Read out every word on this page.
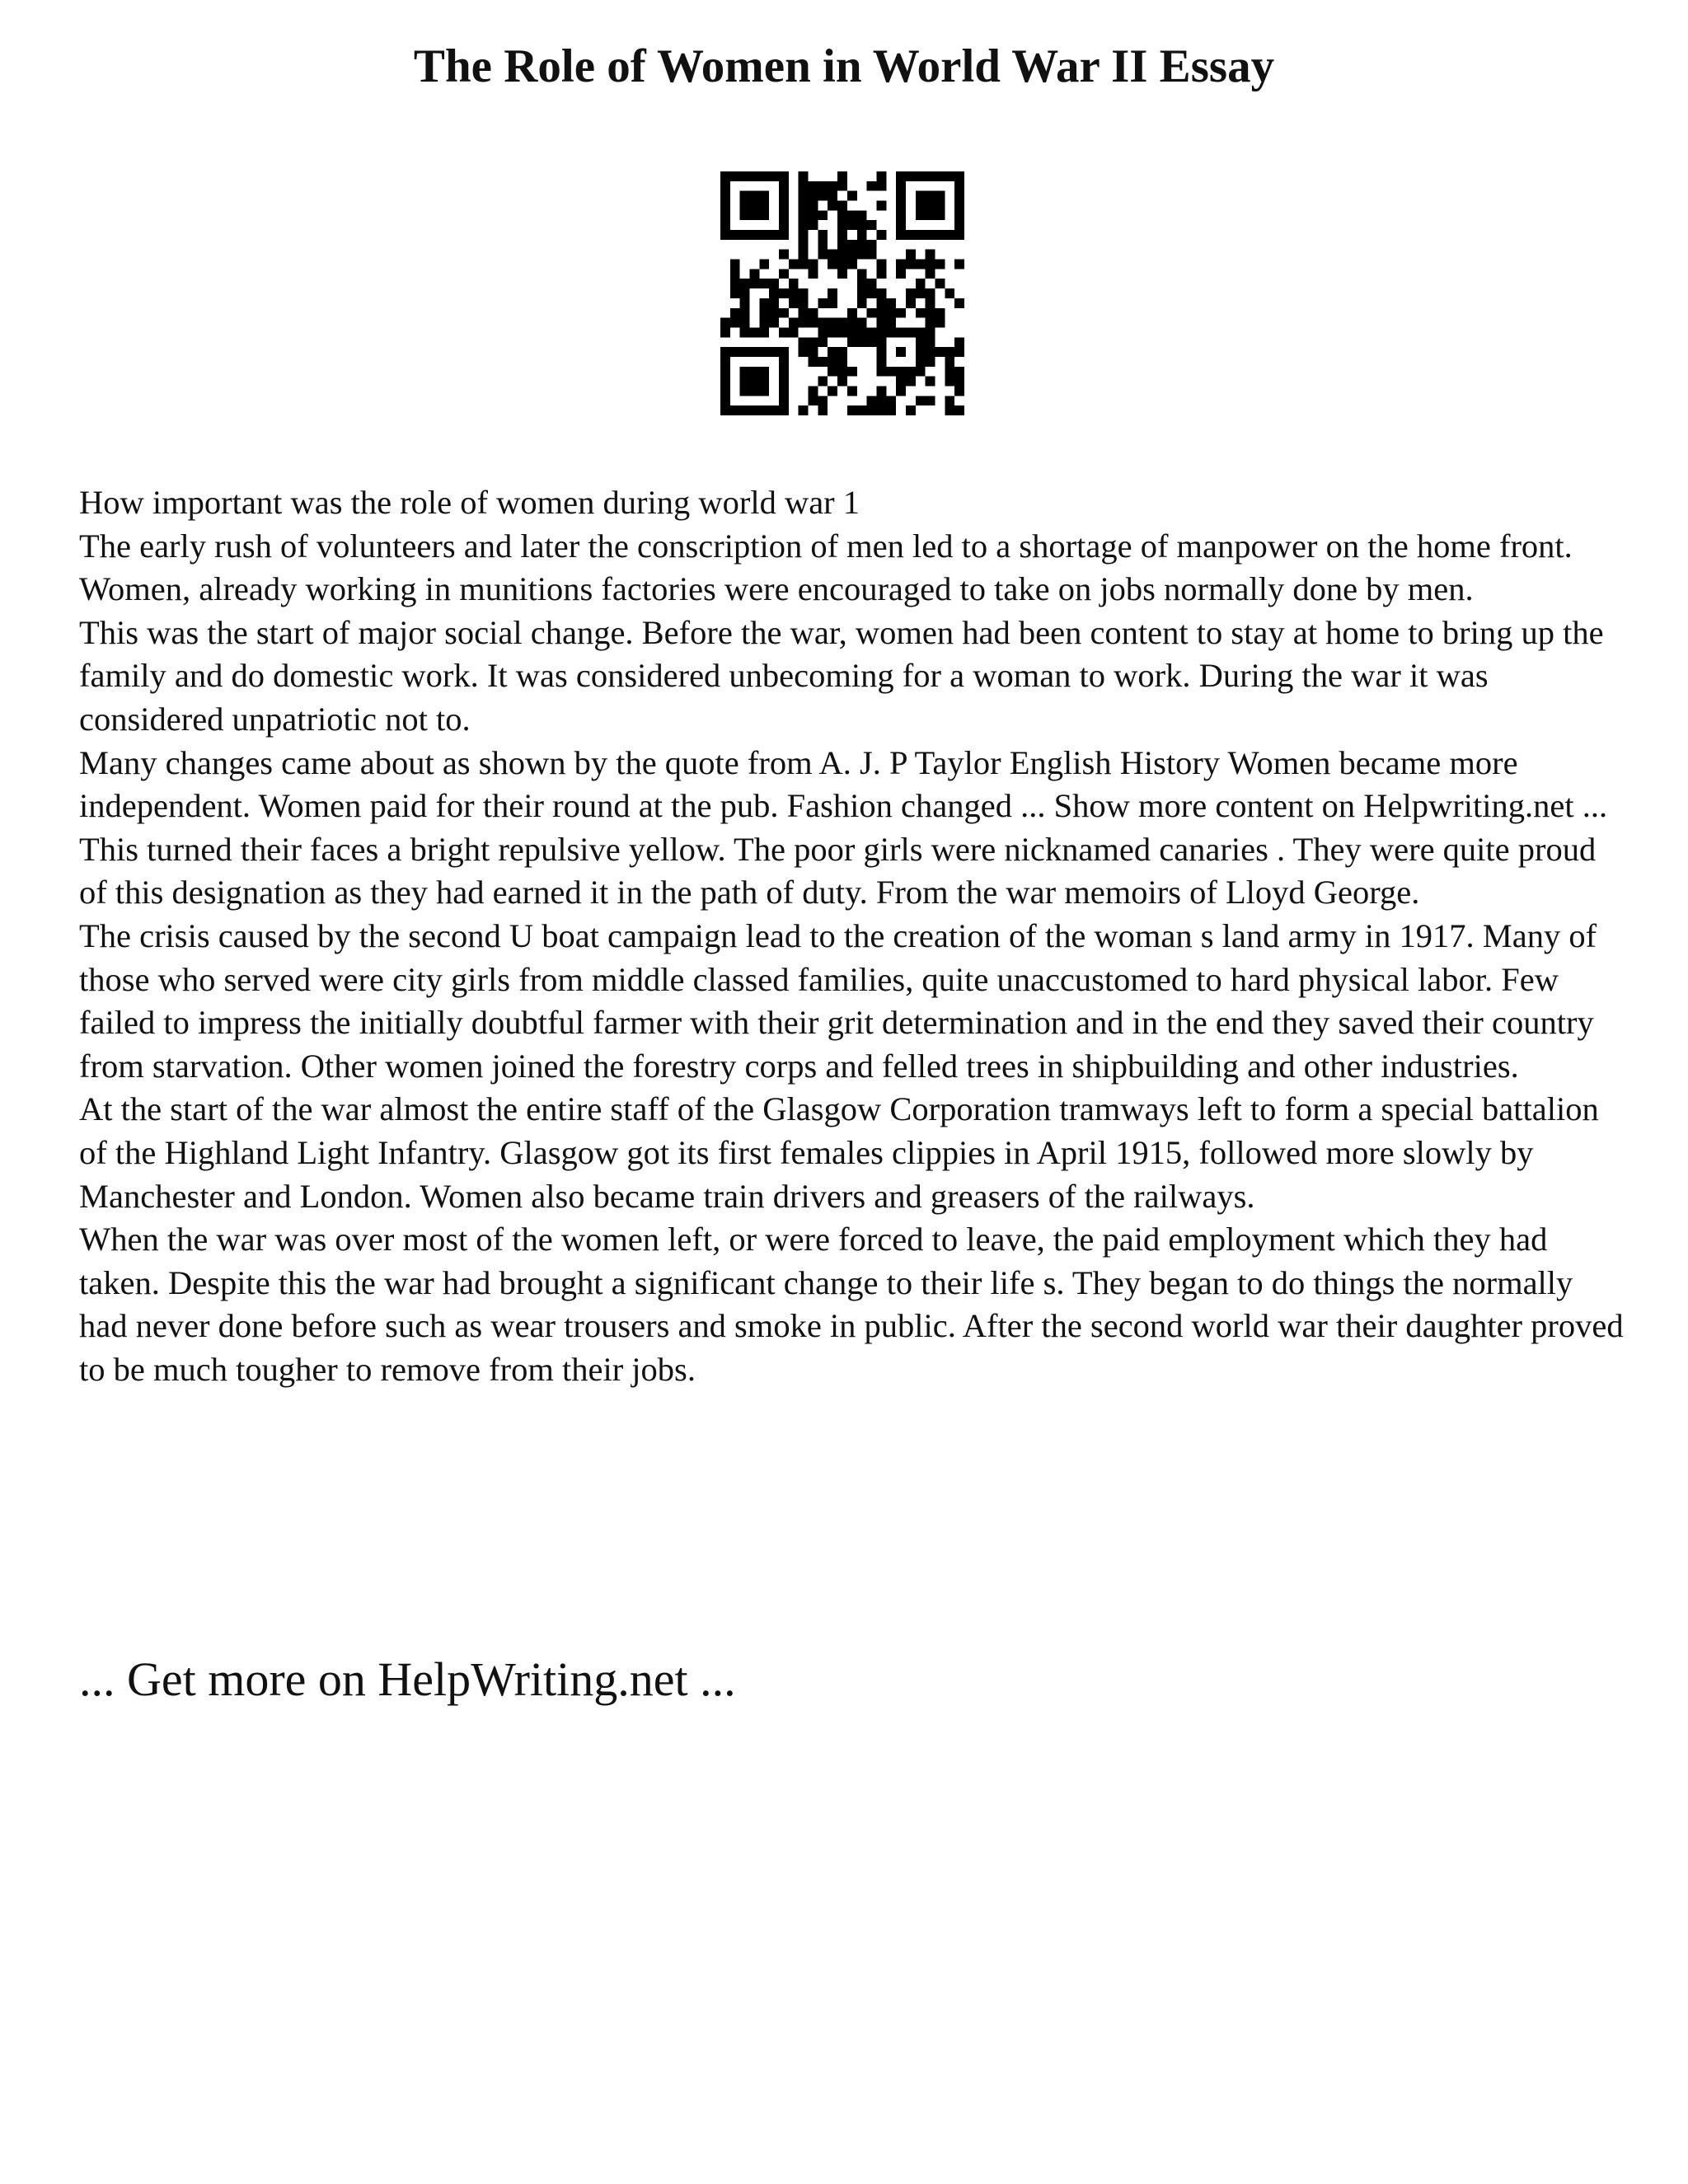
The Role of Women in World War II Essay

How important was the role of women during world war 1

The early rush of volunteers and later the conscription of men led to a shortage of manpower on the home front. Women, already working in munitions factories were encouraged to take on jobs normally done by men.

This was the start of major social change. Before the war, women had been content to stay at home to bring up the family and do domestic work. It was considered unbecoming for a woman to work. During the war it was considered unpatriotic not to.

Many changes came about as shown by the quote from A. J. P Taylor English History Women became more independent. Women paid for their round at the pub. Fashion changed ... Show more content on Helpwriting.net ...

This turned their faces a bright repulsive yellow. The poor girls were nicknamed canaries . They were quite proud of this designation as they had earned it in the path of duty. From the war memoirs of Lloyd George.

The crisis caused by the second U boat campaign lead to the creation of the woman s land army in 1917. Many of those who served were city girls from middle classed families, quite unaccustomed to hard physical labor. Few failed to impress the initially doubtful farmer with their grit determination and in the end they saved their country from starvation. Other women joined the forestry corps and felled trees in shipbuilding and other industries.

At the start of the war almost the entire staff of the Glasgow Corporation tramways left to form a special battalion of the Highland Light Infantry. Glasgow got its first females clippies in April 1915, followed more slowly by Manchester and London. Women also became train drivers and greasers of the railways.

When the war was over most of the women left, or were forced to leave, the paid employment which they had taken. Despite this the war had brought a significant change to their life s. They began to do things the normally had never done before such as wear trousers and smoke in public. After the second world war their daughter proved to be much tougher to remove from their jobs.

... Get more on HelpWriting.net ...
